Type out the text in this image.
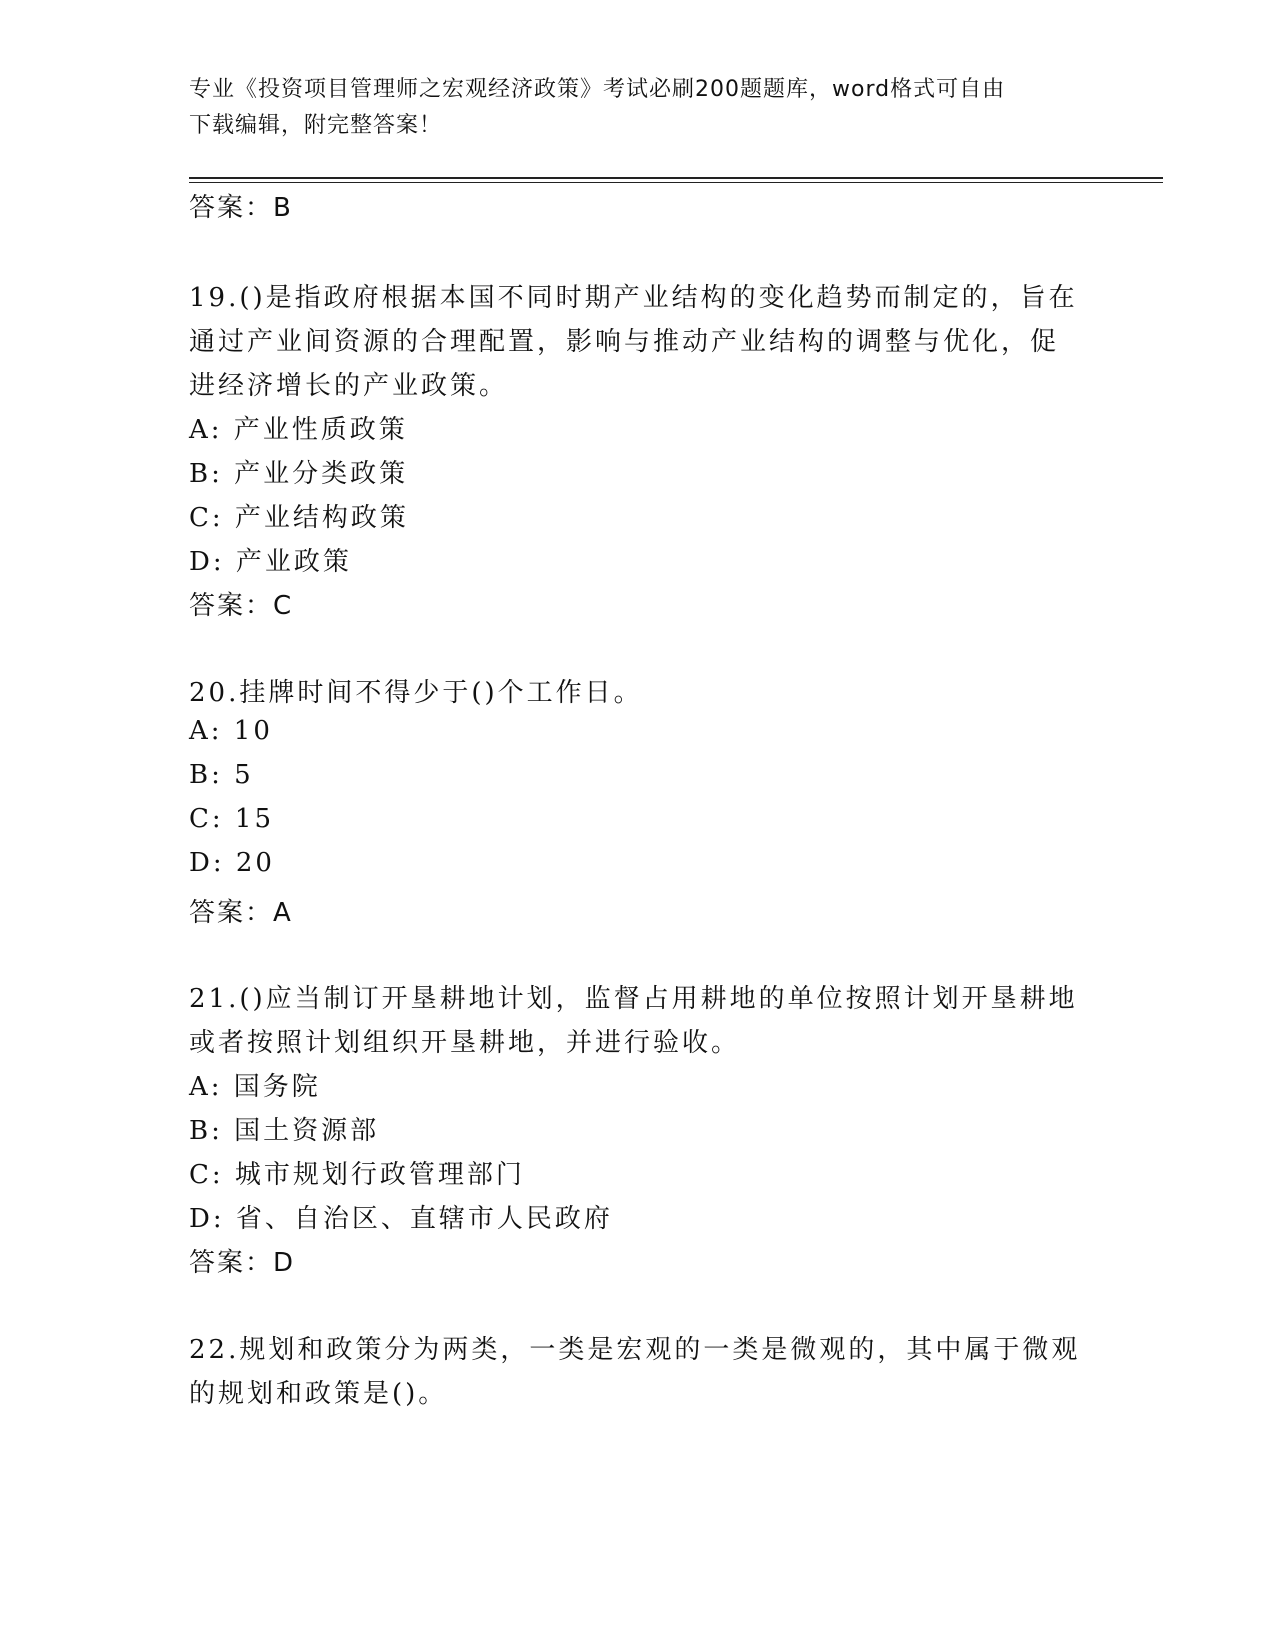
专业《投资项目管理师之宏观经济政策》考试必刷200题题库，word格式可自由
下载编辑，附完整答案！
答案：B
19.()是指政府根据本国不同时期产业结构的变化趋势而制定的，旨在
通过产业间资源的合理配置，影响与推动产业结构的调整与优化，促
进经济增长的产业政策。
A: 产业性质政策
B: 产业分类政策
C: 产业结构政策
D: 产业政策
答案：C
20.挂牌时间不得少于()个工作日。
A: 10
B: 5
C: 15
D: 20
答案：A
21.()应当制订开垦耕地计划，监督占用耕地的单位按照计划开垦耕地
或者按照计划组织开垦耕地，并进行验收。
A: 国务院
B: 国土资源部
C: 城市规划行政管理部门
D: 省、自治区、直辖市人民政府
答案：D
22.规划和政策分为两类，一类是宏观的一类是微观的，其中属于微观
的规划和政策是()。
